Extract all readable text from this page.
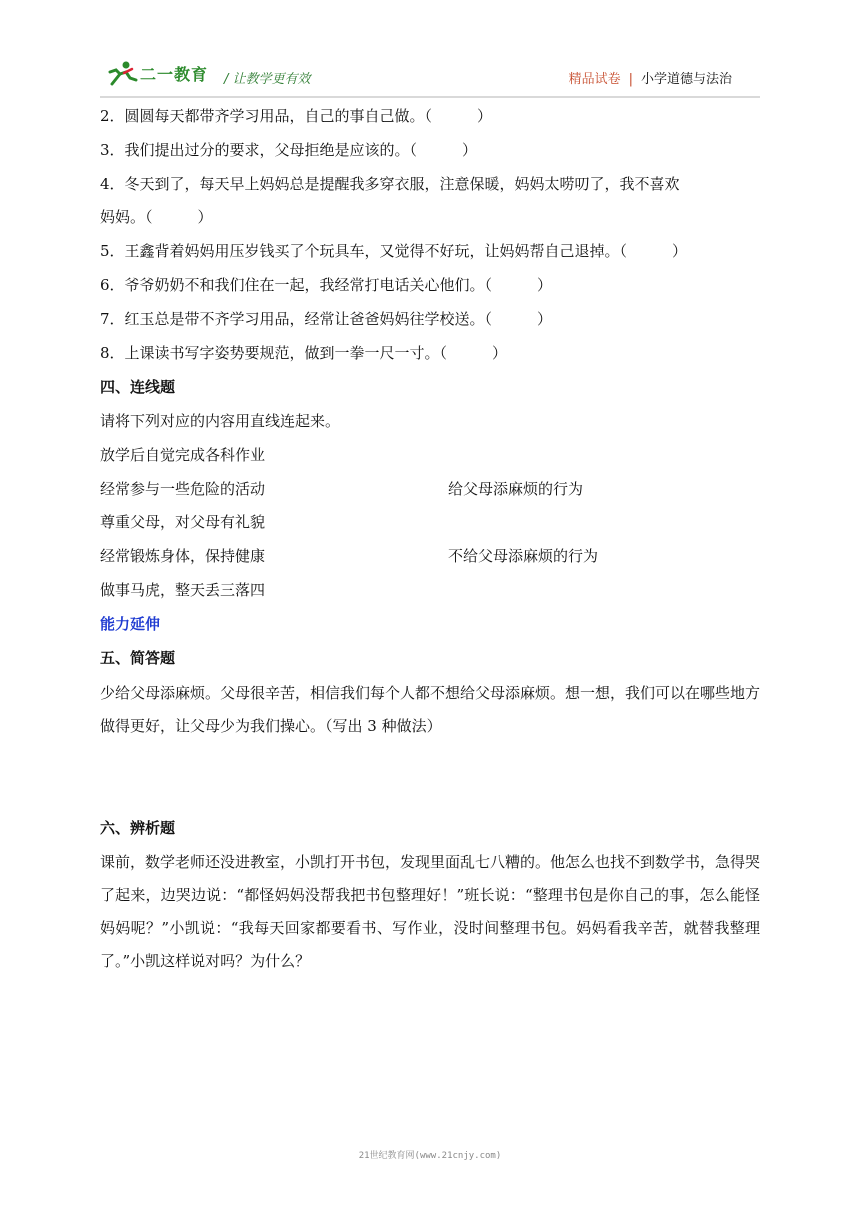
二一教育 / 让教学更有效	精品试卷 | 小学道德与法治
2．圆圆每天都带齐学习用品，自己的事自己做。（　　　）
3．我们提出过分的要求，父母拒绝是应该的。（　　　）
4．冬天到了，每天早上妈妈总是提醒我多穿衣服，注意保暖，妈妈太唠叨了，我不喜欢
妈妈。（　　　）
5．王鑫背着妈妈用压岁钱买了个玩具车，又觉得不好玩，让妈妈帮自己退掉。（　　　）
6．爷爷奶奶不和我们住在一起，我经常打电话关心他们。（　　　）
7．红玉总是带不齐学习用品，经常让爸爸妈妈往学校送。（　　　）
8．上课读书写字姿势要规范，做到一拳一尺一寸。（　　　）
四、连线题
请将下列对应的内容用直线连起来。
放学后自觉完成各科作业
经常参与一些危险的活动	给父母添麻烦的行为
尊重父母，对父母有礼貌
经常锻炼身体，保持健康	不给父母添麻烦的行为
做事马虎，整天丢三落四
能力延伸
五、简答题
少给父母添麻烦。父母很辛苦，相信我们每个人都不想给父母添麻烦。想一想，我们可以在哪些地方做得更好，让父母少为我们操心。（写出 3 种做法）
六、辨析题
课前，数学老师还没进教室，小凯打开书包，发现里面乱七八糟的。他怎么也找不到数学书，急得哭了起来，边哭边说：“都怪妈妈没帮我把书包整理好！”班长说：“整理书包是你自己的事，怎么能怪妈妈呢？”小凯说：“我每天回家都要看书、写作业，没时间整理书包。妈妈看我辛苦，就替我整理了。”小凯这样说对吗？为什么？
21世纪教育网(www.21cnjy.com)
